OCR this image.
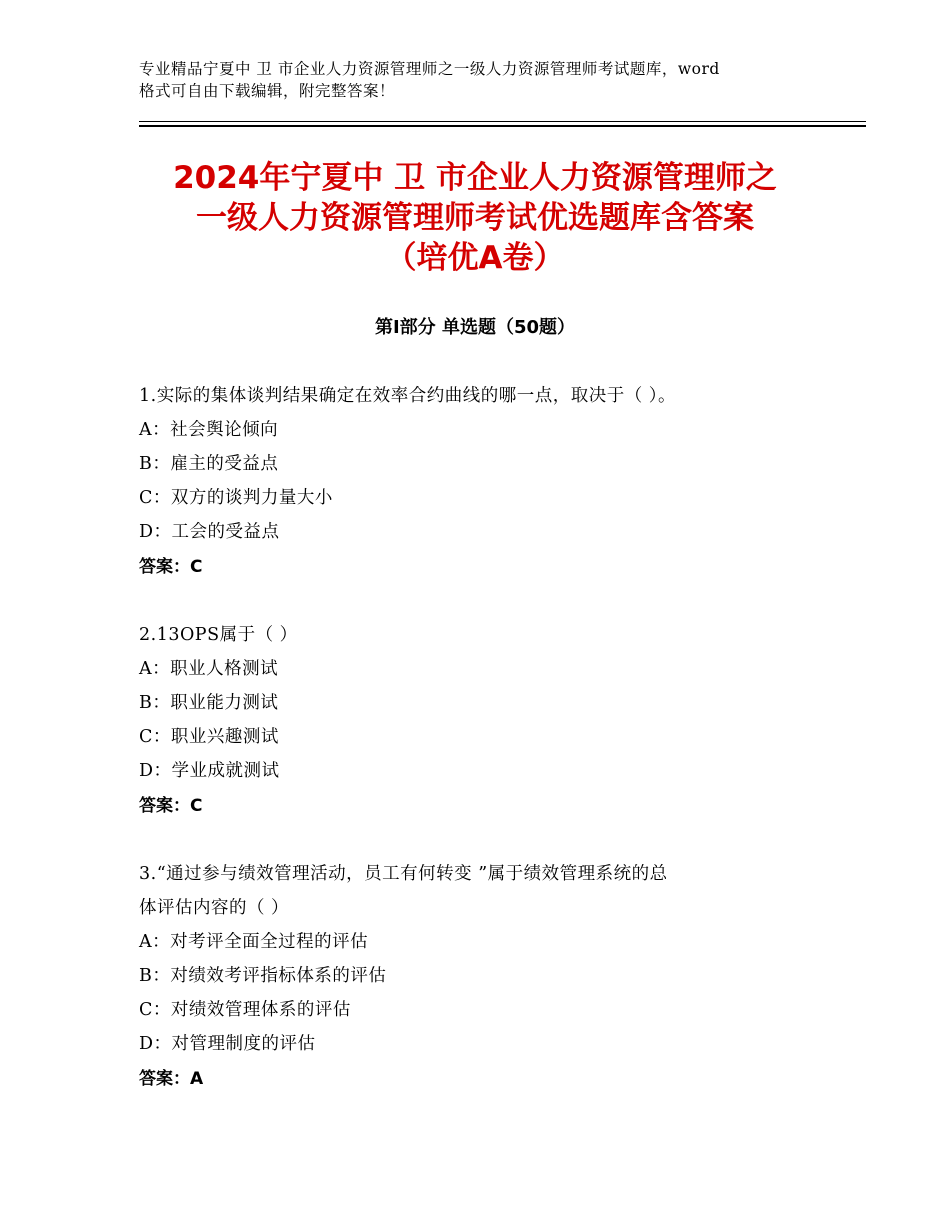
专业精品宁夏中 卫 市企业人力资源管理师之一级人力资源管理师考试题库，word
格式可自由下载编辑，附完整答案！
2024年宁夏中 卫 市企业人力资源管理师之
一级人力资源管理师考试优选题库含答案
（培优A卷）
第Ⅰ部分 单选题（50题）
1.实际的集体谈判结果确定在效率合约曲线的哪一点，取决于（ ）。
A：社会舆论倾向
B：雇主的受益点
C：双方的谈判力量大小
D：工会的受益点
答案：C
2.13OPS属于（ ）
A：职业人格测试
B：职业能力测试
C：职业兴趣测试
D：学业成就测试
答案：C
3.“通过参与绩效管理活动，员工有何转变 ”属于绩效管理系统的总
体评估内容的（ ）
A：对考评全面全过程的评估
B：对绩效考评指标体系的评估
C：对绩效管理体系的评估
D：对管理制度的评估
答案：A
